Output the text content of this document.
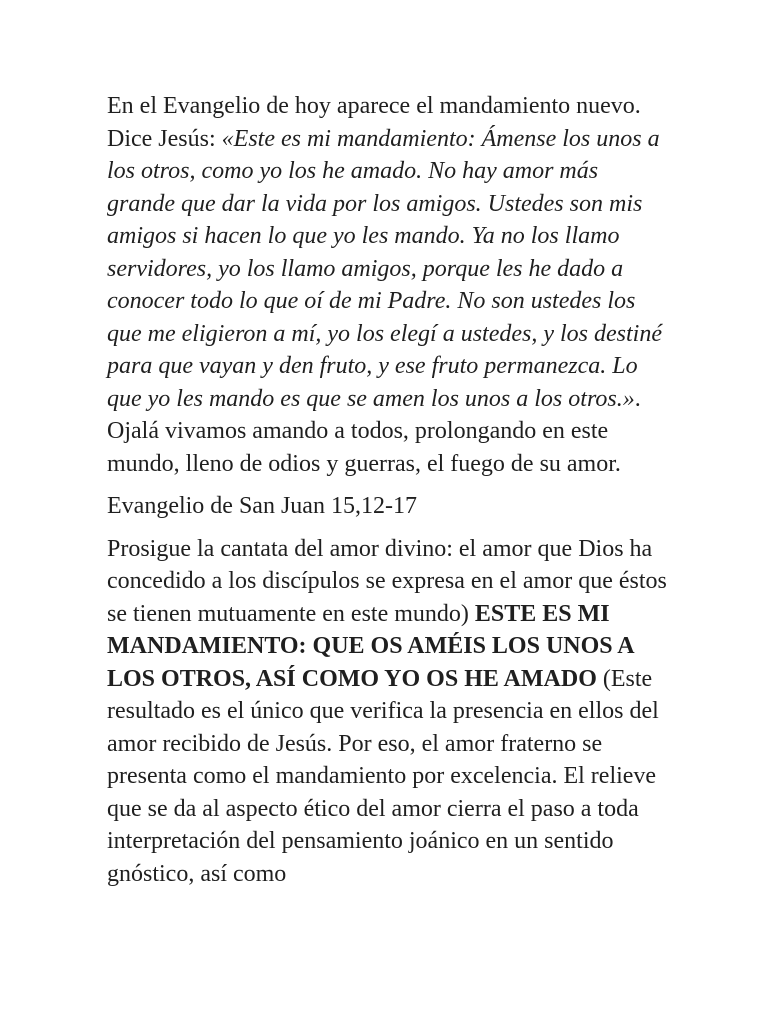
En el Evangelio de hoy aparece el mandamiento nuevo. Dice Jesús: «Este es mi mandamiento: Ámense los unos a los otros, como yo los he amado. No hay amor más grande que dar la vida por los amigos. Ustedes son mis amigos si hacen lo que yo les mando. Ya no los llamo servidores, yo los llamo amigos, porque les he dado a conocer todo lo que oí de mi Padre. No son ustedes los que me eligieron a mí, yo los elegí a ustedes, y los destiné para que vayan y den fruto, y ese fruto permanezca. Lo que yo les mando es que se amen los unos a los otros.». Ojalá vivamos amando a todos, prolongando en este mundo, lleno de odios y guerras, el fuego de su amor.

Evangelio de San Juan 15,12-17

Prosigue la cantata del amor divino: el amor que Dios ha concedido a los discípulos se expresa en el amor que éstos se tienen mutuamente en este mundo) ESTE ES MI MANDAMIENTO: QUE OS AMÉIS LOS UNOS A LOS OTROS, ASÍ COMO YO OS HE AMADO (Este resultado es el único que verifica la presencia en ellos del amor recibido de Jesús. Por eso, el amor fraterno se presenta como el mandamiento por excelencia. El relieve que se da al aspecto ético del amor cierra el paso a toda interpretación del pensamiento joánico en un sentido gnóstico, así como
